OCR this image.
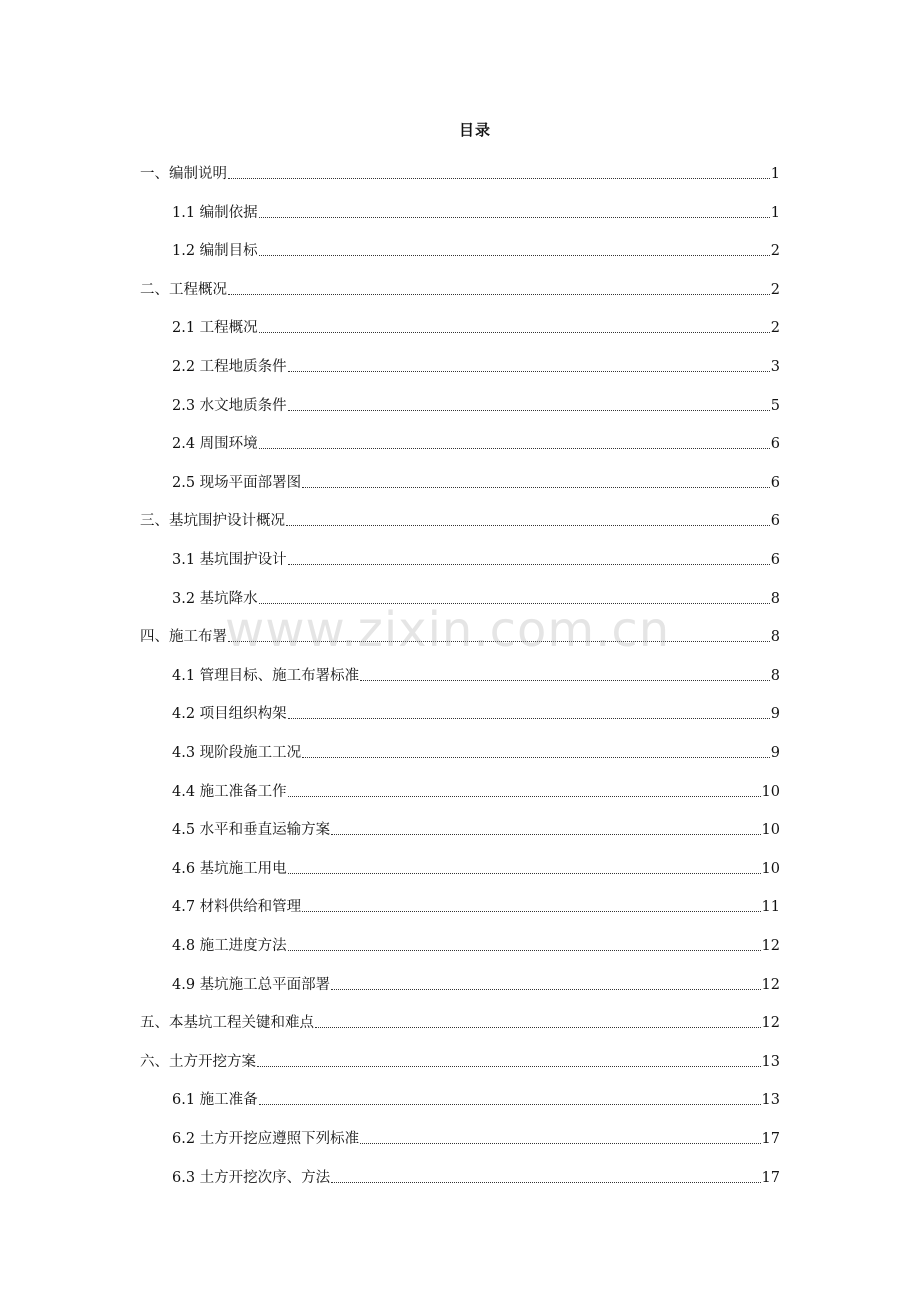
目录
一、编制说明	1
1.1 编制依据	1
1.2 编制目标	2
二、工程概况	2
2.1 工程概况	2
2.2 工程地质条件	3
2.3 水文地质条件	5
2.4 周围环境	6
2.5 现场平面部署图	6
三、基坑围护设计概况	6
3.1 基坑围护设计	6
3.2 基坑降水	8
四、施工布署	8
4.1 管理目标、施工布署标准	8
4.2 项目组织构架	9
4.3 现阶段施工工况	9
4.4 施工准备工作	10
4.5 水平和垂直运输方案	10
4.6 基坑施工用电	10
4.7 材料供给和管理	11
4.8 施工进度方法	12
4.9 基坑施工总平面部署	12
五、本基坑工程关键和难点	12
六、土方开挖方案	13
6.1 施工准备	13
6.2 土方开挖应遵照下列标准	17
6.3 土方开挖次序、方法	17
www.zixin.com.cn
